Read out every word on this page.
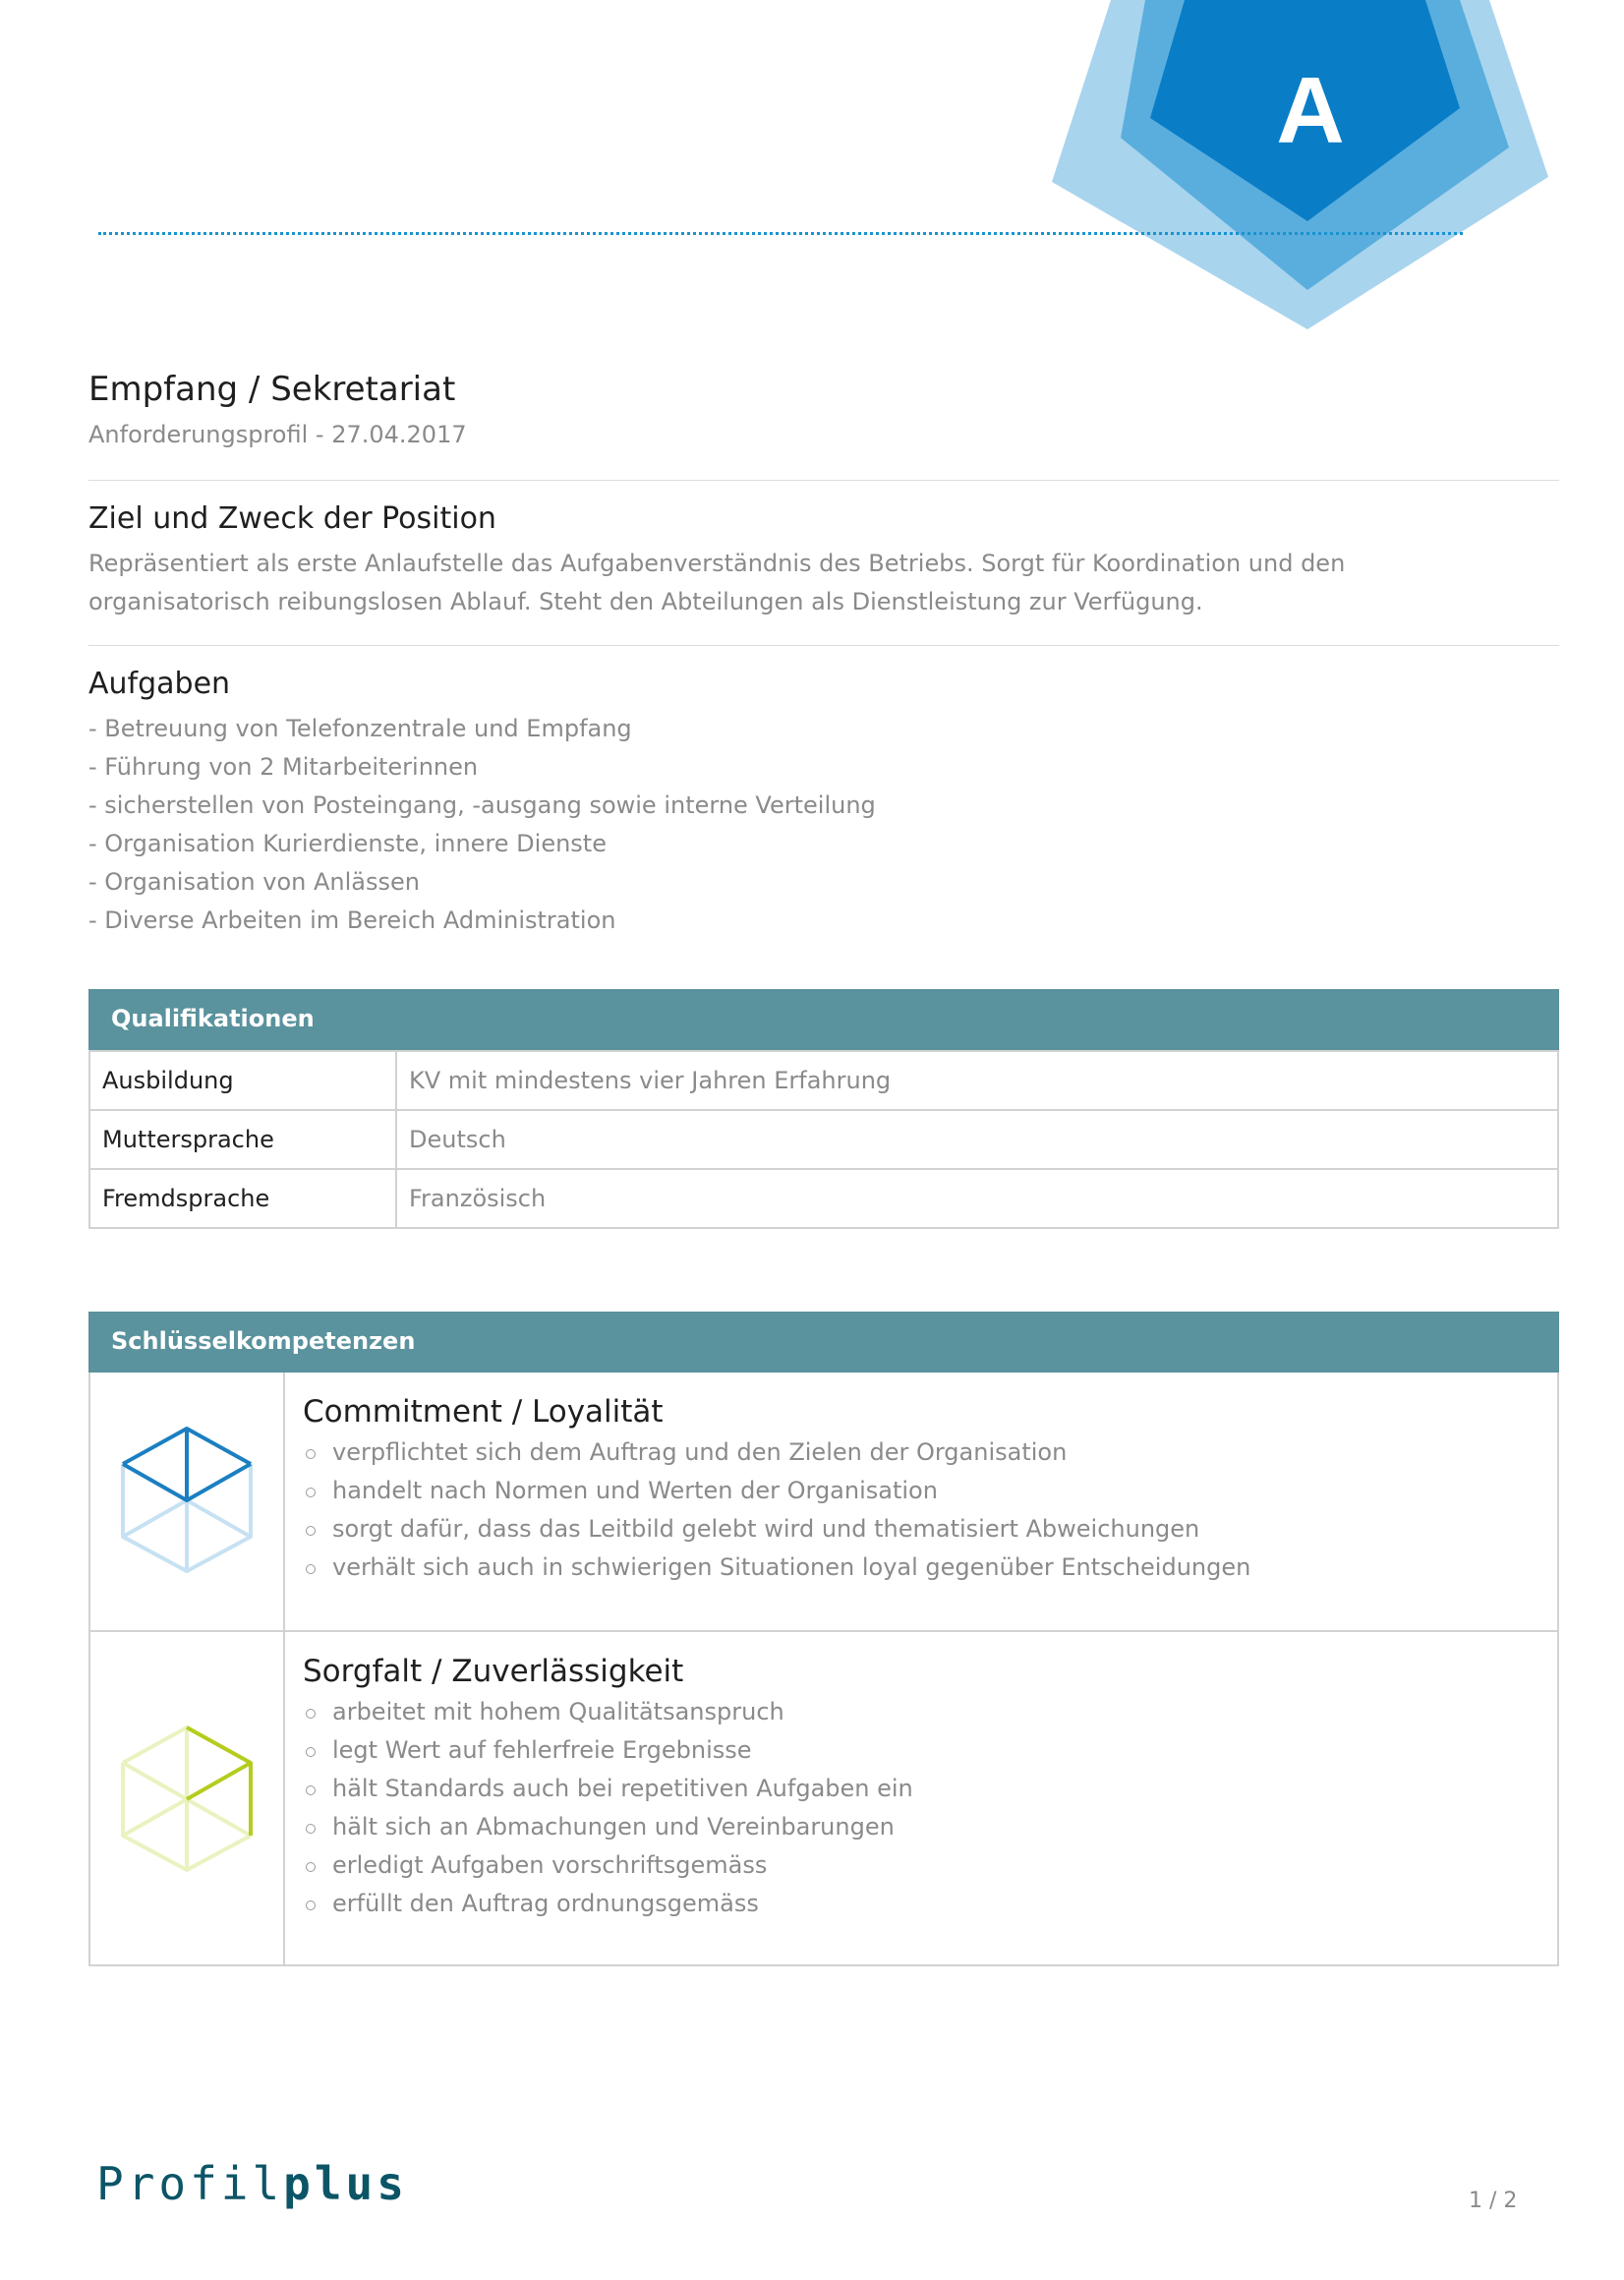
A
Empfang / Sekretariat
Anforderungsprofil - 27.04.2017
Ziel und Zweck der Position
Repräsentiert als erste Anlaufstelle das Aufgabenverständnis des Betriebs. Sorgt für Koordination und den
organisatorisch reibungslosen Ablauf. Steht den Abteilungen als Dienstleistung zur Verfügung.
Aufgaben
- Betreuung von Telefonzentrale und Empfang
- Führung von 2 Mitarbeiterinnen
- sicherstellen von Posteingang, -ausgang sowie interne Verteilung
- Organisation Kurierdienste, innere Dienste
- Organisation von Anlässen
- Diverse Arbeiten im Bereich Administration
Qualifikationen
Ausbildung	KV mit mindestens vier Jahren Erfahrung
Muttersprache	Deutsch
Fremdsprache	Französisch
Schlüsselkompetenzen
Commitment / Loyalität
verpflichtet sich dem Auftrag und den Zielen der Organisation
handelt nach Normen und Werten der Organisation
sorgt dafür, dass das Leitbild gelebt wird und thematisiert Abweichungen
verhält sich auch in schwierigen Situationen loyal gegenüber Entscheidungen
Sorgfalt / Zuverlässigkeit
arbeitet mit hohem Qualitätsanspruch
legt Wert auf fehlerfreie Ergebnisse
hält Standards auch bei repetitiven Aufgaben ein
hält sich an Abmachungen und Vereinbarungen
erledigt Aufgaben vorschriftsgemäss
erfüllt den Auftrag ordnungsgemäss
Profilplus	1 / 2
